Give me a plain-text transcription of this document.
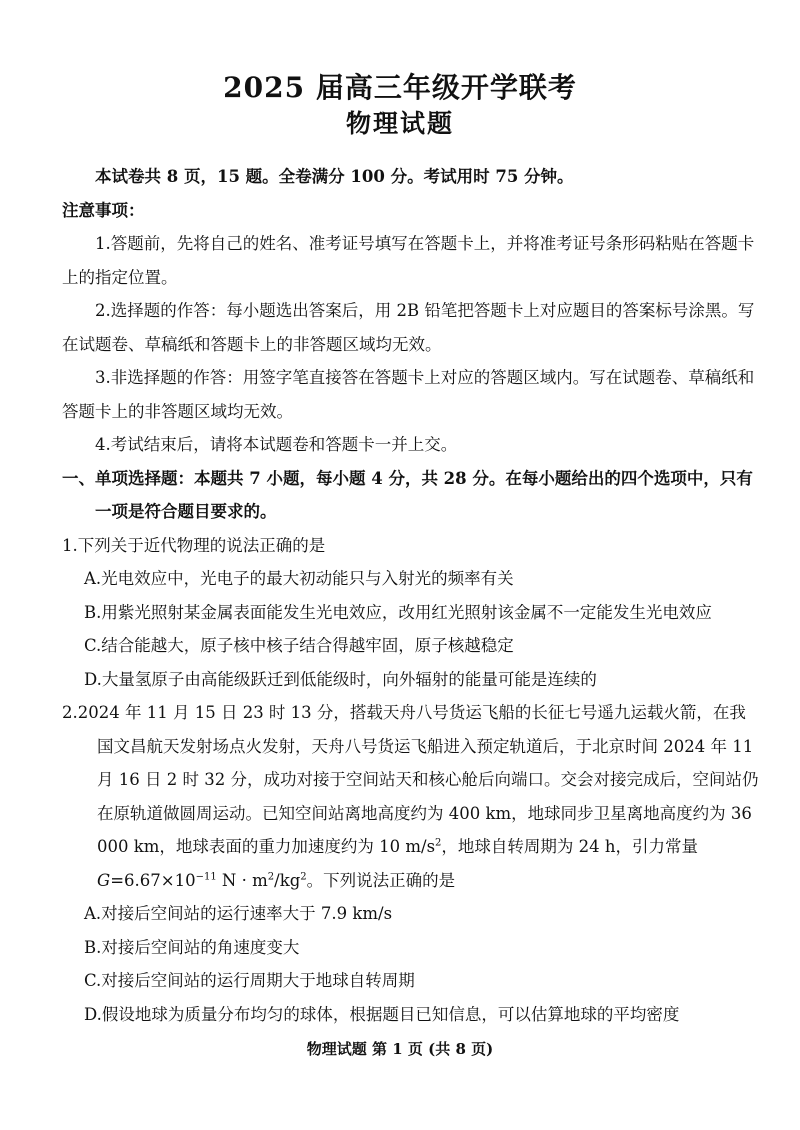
2025 届高三年级开学联考
物理试题

本试卷共 8 页，15 题。全卷满分 100 分。考试用时 75 分钟。

注意事项：

1.答题前，先将自己的姓名、准考证号填写在答题卡上，并将准考证号条形码粘贴在答题卡上的指定位置。

2.选择题的作答：每小题选出答案后，用 2B 铅笔把答题卡上对应题目的答案标号涂黑。写在试题卷、草稿纸和答题卡上的非答题区域均无效。

3.非选择题的作答：用签字笔直接答在答题卡上对应的答题区域内。写在试题卷、草稿纸和答题卡上的非答题区域均无效。

4.考试结束后，请将本试题卷和答题卡一并上交。

一、单项选择题：本题共 7 小题，每小题 4 分，共 28 分。在每小题给出的四个选项中，只有一项是符合题目要求的。

1.下列关于近代物理的说法正确的是

A.光电效应中，光电子的最大初动能只与入射光的频率有关

B.用紫光照射某金属表面能发生光电效应，改用红光照射该金属不一定能发生光电效应

C.结合能越大，原子核中核子结合得越牢固，原子核越稳定

D.大量氢原子由高能级跃迁到低能级时，向外辐射的能量可能是连续的

2.2024 年 11 月 15 日 23 时 13 分，搭载天舟八号货运飞船的长征七号遥九运载火箭，在我国文昌航天发射场点火发射，天舟八号货运飞船进入预定轨道后，于北京时间 2024 年 11 月 16 日 2 时 32 分，成功对接于空间站天和核心舱后向端口。交会对接完成后，空间站仍在原轨道做圆周运动。已知空间站离地高度约为 400 km，地球同步卫星离地高度约为 36 000 km，地球表面的重力加速度约为 10 $m/s^2$，地球自转周期为 24 h，引力常量 $G=6.67\times 10^{-11}$ $N \cdot m^2/kg^2$。下列说法正确的是

A.对接后空间站的运行速率大于 7.9 km/s

B.对接后空间站的角速度变大

C.对接后空间站的运行周期大于地球自转周期

D.假设地球为质量分布均匀的球体，根据题目已知信息，可以估算地球的平均密度

物理试题 第 1 页 (共 8 页)
